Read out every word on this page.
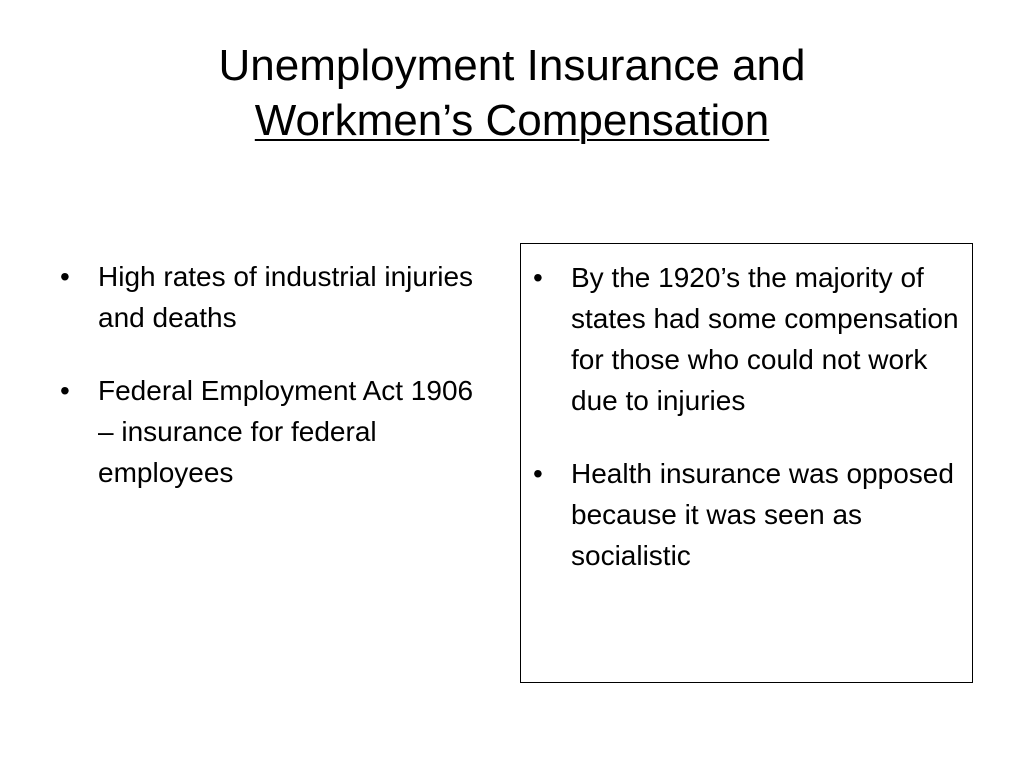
Unemployment Insurance and
Workmen’s Compensation
• High rates of industrial injuries and deaths
• Federal Employment Act 1906 – insurance for federal employees
• By the 1920’s the majority of states had some compensation for those who could not work due to injuries
• Health insurance was opposed because it was seen as socialistic
